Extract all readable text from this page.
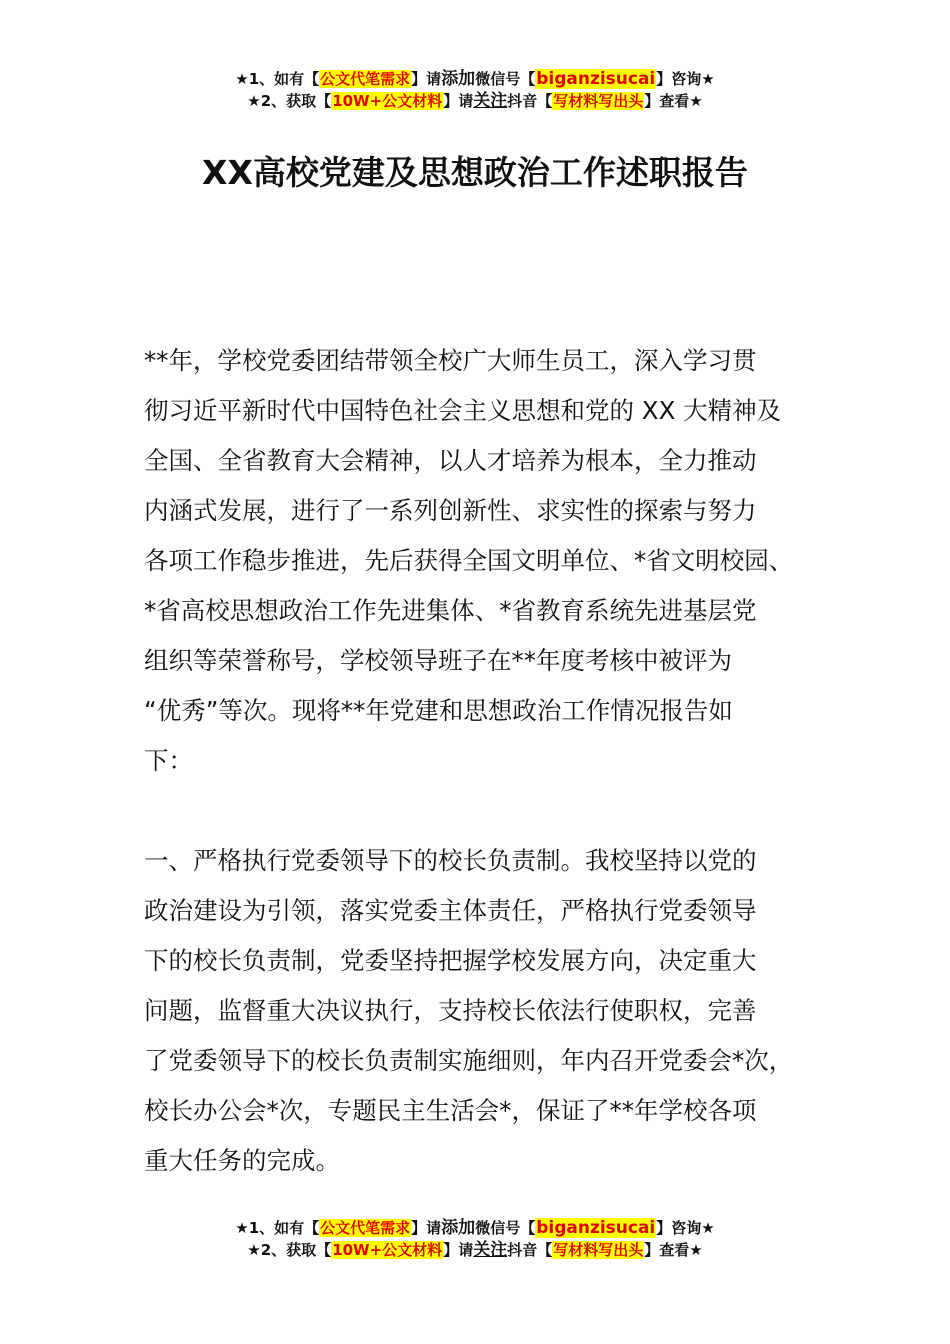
★1、如有【公文代笔需求】请添加微信号【biganzisucai】咨询★
★2、获取【10W+公文材料】请关注抖音【写材料写出头】查看★
XX高校党建及思想政治工作述职报告
**年，学校党委团结带领全校广大师生员工，深入学习贯
彻习近平新时代中国特色社会主义思想和党的 XX 大精神及
全国、全省教育大会精神，以人才培养为根本，全力推动
内涵式发展，进行了一系列创新性、求实性的探索与努力
各项工作稳步推进，先后获得全国文明单位、*省文明校园、
*省高校思想政治工作先进集体、*省教育系统先进基层党
组织等荣誉称号，学校领导班子在**年度考核中被评为
“优秀”等次。现将**年党建和思想政治工作情况报告如
下：
一、严格执行党委领导下的校长负责制。我校坚持以党的
政治建设为引领，落实党委主体责任，严格执行党委领导
下的校长负责制，党委坚持把握学校发展方向，决定重大
问题，监督重大决议执行，支持校长依法行使职权，完善
了党委领导下的校长负责制实施细则，年内召开党委会*次，
校长办公会*次，专题民主生活会*，保证了**年学校各项
重大任务的完成。
★1、如有【公文代笔需求】请添加微信号【biganzisucai】咨询★
★2、获取【10W+公文材料】请关注抖音【写材料写出头】查看★
